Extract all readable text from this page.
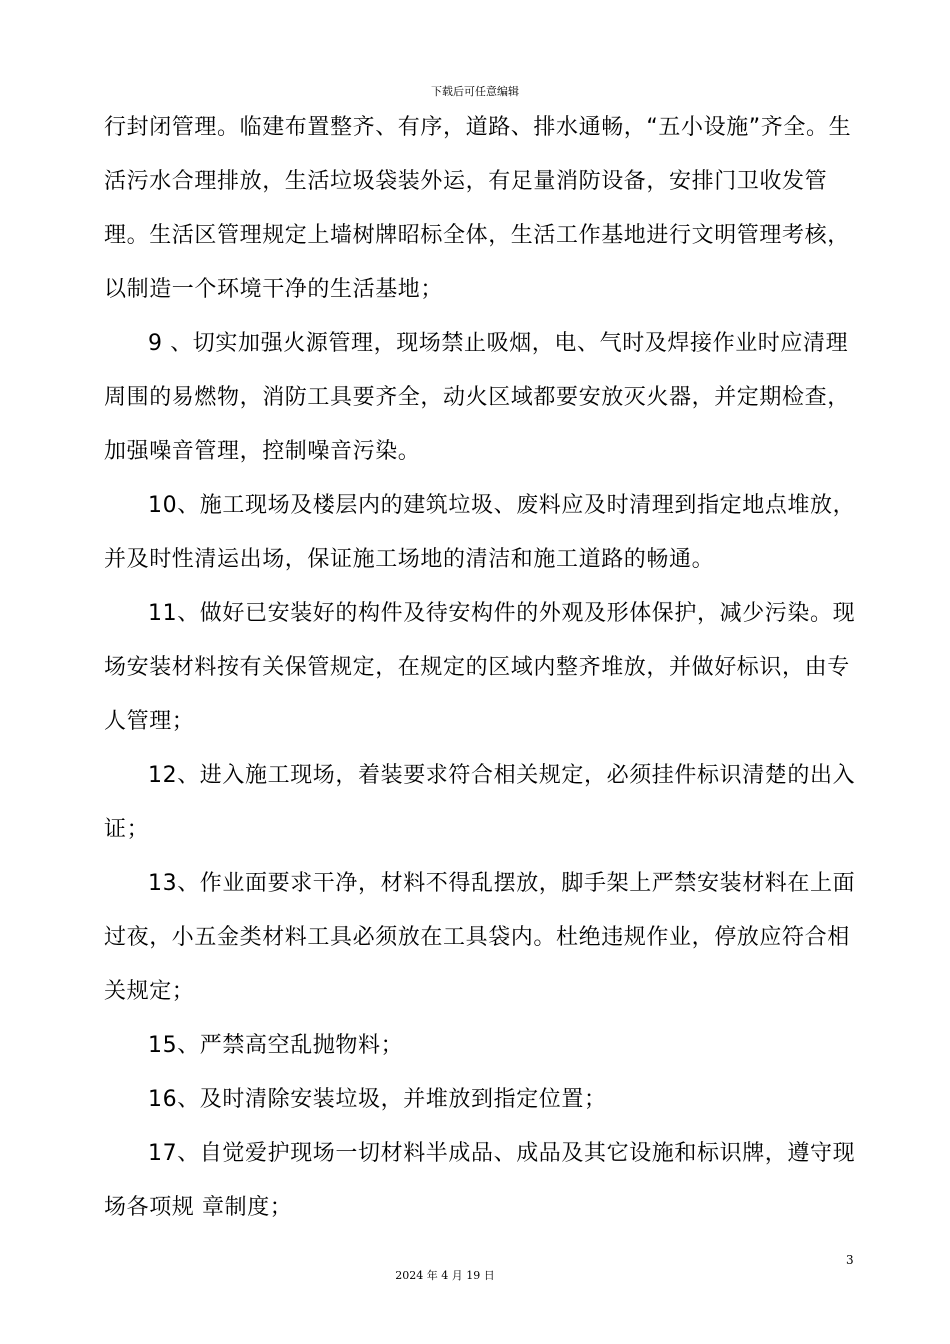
下载后可任意编辑

行封闭管理。临建布置整齐、有序，道路、排水通畅，“五小设施”齐全。生活污水合理排放，生活垃圾袋装外运，有足量消防设备，安排门卫收发管理。生活区管理规定上墙树牌昭标全体，生活工作基地进行文明管理考核，以制造一个环境干净的生活基地；

9 、切实加强火源管理，现场禁止吸烟，电、气时及焊接作业时应清理周围的易燃物，消防工具要齐全，动火区域都要安放灭火器，并定期检查，加强噪音管理，控制噪音污染。

10、施工现场及楼层内的建筑垃圾、废料应及时清理到指定地点堆放，并及时性清运出场，保证施工场地的清洁和施工道路的畅通。

11、做好已安装好的构件及待安构件的外观及形体保护，减少污染。现场安装材料按有关保管规定，在规定的区域内整齐堆放，并做好标识，由专人管理；

12、进入施工现场，着装要求符合相关规定，必须挂件标识清楚的出入证；

13、作业面要求干净，材料不得乱摆放，脚手架上严禁安装材料在上面过夜，小五金类材料工具必须放在工具袋内。杜绝违规作业，停放应符合相关规定；

15、严禁高空乱抛物料；

16、及时清除安装垃圾，并堆放到指定位置；

17、自觉爱护现场一切材料半成品、成品及其它设施和标识牌，遵守现场各项规 章制度；

3
2024 年 4 月 19 日
